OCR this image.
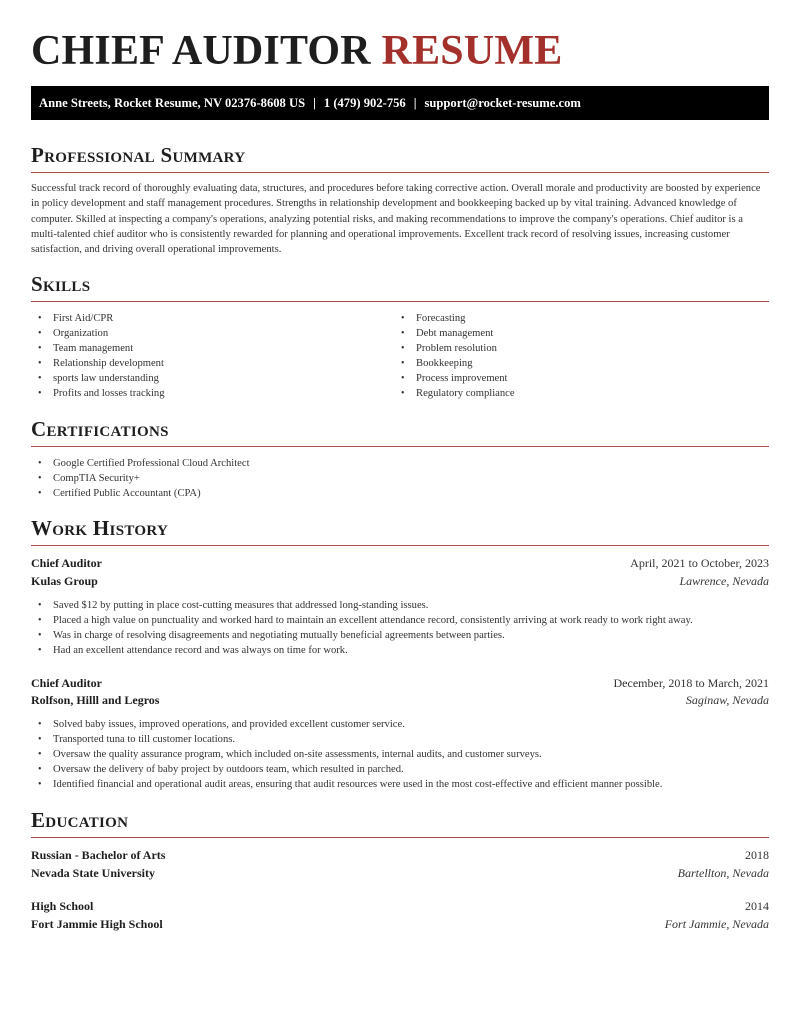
CHIEF AUDITOR RESUME
Anne Streets, Rocket Resume, NV 02376-8608 US | 1 (479) 902-756 | support@rocket-resume.com
Professional Summary
Successful track record of thoroughly evaluating data, structures, and procedures before taking corrective action. Overall morale and productivity are boosted by experience in policy development and staff management procedures. Strengths in relationship development and bookkeeping backed up by vital training. Advanced knowledge of computer. Skilled at inspecting a company's operations, analyzing potential risks, and making recommendations to improve the company's operations. Chief auditor is a multi-talented chief auditor who is consistently rewarded for planning and operational improvements. Excellent track record of resolving issues, increasing customer satisfaction, and driving overall operational improvements.
Skills
• First Aid/CPR
• Organization
• Team management
• Relationship development
• sports law understanding
• Profits and losses tracking
• Forecasting
• Debt management
• Problem resolution
• Bookkeeping
• Process improvement
• Regulatory compliance
Certifications
• Google Certified Professional Cloud Architect
• CompTIA Security+
• Certified Public Accountant (CPA)
Work History
Chief Auditor	April, 2021 to October, 2023
Kulas Group	Lawrence, Nevada
• Saved $12 by putting in place cost-cutting measures that addressed long-standing issues.
• Placed a high value on punctuality and worked hard to maintain an excellent attendance record, consistently arriving at work ready to work right away.
• Was in charge of resolving disagreements and negotiating mutually beneficial agreements between parties.
• Had an excellent attendance record and was always on time for work.
Chief Auditor	December, 2018 to March, 2021
Rolfson, Hilll and Legros	Saginaw, Nevada
• Solved baby issues, improved operations, and provided excellent customer service.
• Transported tuna to till customer locations.
• Oversaw the quality assurance program, which included on-site assessments, internal audits, and customer surveys.
• Oversaw the delivery of baby project by outdoors team, which resulted in parched.
• Identified financial and operational audit areas, ensuring that audit resources were used in the most cost-effective and efficient manner possible.
Education
Russian - Bachelor of Arts	2018
Nevada State University	Bartellton, Nevada
High School	2014
Fort Jammie High School	Fort Jammie, Nevada
